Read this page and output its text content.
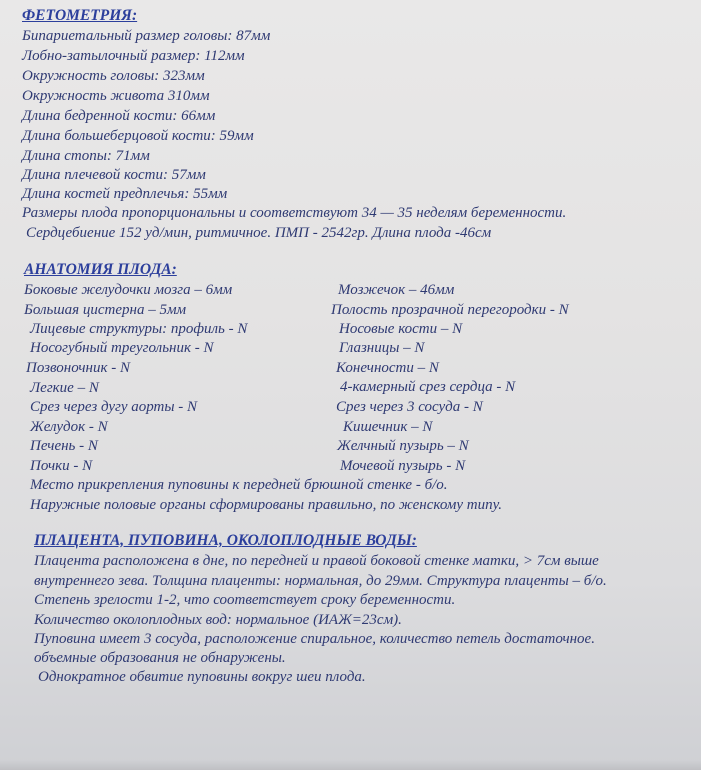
ФЕТОМЕТРИЯ:
Бипариетальный размер головы: 87мм
Лобно-затылочный размер: 112мм
Окружность головы: 323мм
Окружность живота 310мм
Длина бедренной кости: 66мм
Длина большеберцовой кости: 59мм
Длина стопы: 71мм
Длина плечевой кости: 57мм
Длина костей предплечья: 55мм
Размеры плода пропорциональны и соответствуют 34 — 35 неделям беременности.
Сердцебиение 152 уд/мин, ритмичное. ПМП - 2542гр. Длина плода -46см
АНАТОМИЯ ПЛОДА:
Боковые желудочки мозга – 6мм
Большая цистерна – 5мм
Лицевые структуры: профиль - N
Носогубный треугольник - N
Позвоночник - N
Легкие – N
Срез через дугу аорты - N
Желудок - N
Печень - N
Почки - N
Мозжечок – 46мм
Полость прозрачной перегородки - N
Носовые кости – N
Глазницы – N
Конечности – N
4-камерный срез сердца - N
Срез через 3 сосуда - N
Кишечник – N
Желчный пузырь – N
Мочевой пузырь - N
Место прикрепления пуповины к передней брюшной стенке - б/о.
Наружные половые органы сформированы правильно, по женскому типу.
ПЛАЦЕНТА, ПУПОВИНА, ОКОЛОПЛОДНЫЕ ВОДЫ:
Плацента расположена в дне, по передней и правой боковой стенке матки, > 7см выше
внутреннего зева. Толщина плаценты: нормальная, до 29мм. Структура плаценты – б/о.
Степень зрелости 1-2, что соответствует сроку беременности.
Количество околоплодных вод: нормальное (ИАЖ=23см).
Пуповина имеет 3 сосуда, расположение спиральное, количество петель достаточное.
объемные образования не обнаружены.
Однократное обвитие пуповины вокруг шеи плода.
